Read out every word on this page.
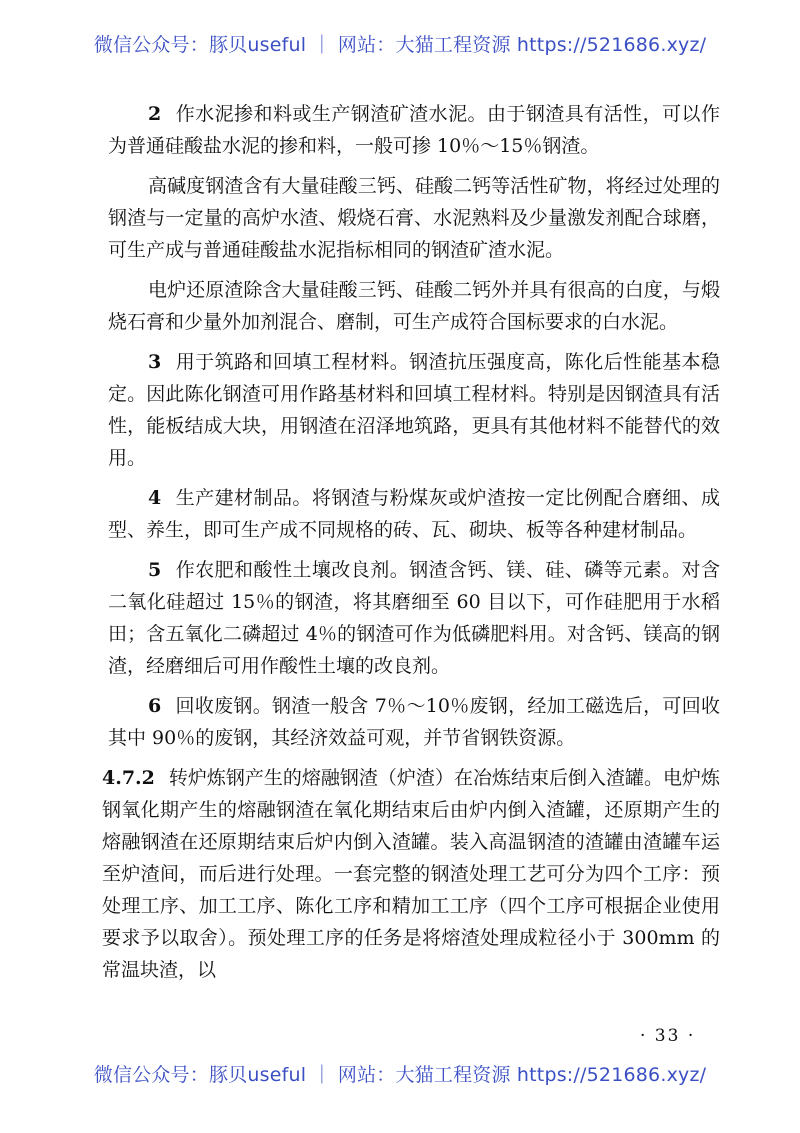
微信公众号：豚贝useful ｜ 网站：大猫工程资源 https://521686.xyz/

2 作水泥掺和料或生产钢渣矿渣水泥。由于钢渣具有活性，可以作为普通硅酸盐水泥的掺和料，一般可掺 10％～15％钢渣。

高碱度钢渣含有大量硅酸三钙、硅酸二钙等活性矿物，将经过处理的钢渣与一定量的高炉水渣、煅烧石膏、水泥熟料及少量激发剂配合球磨，可生产成与普通硅酸盐水泥指标相同的钢渣矿渣水泥。

电炉还原渣除含大量硅酸三钙、硅酸二钙外并具有很高的白度，与煅烧石膏和少量外加剂混合、磨制，可生产成符合国标要求的白水泥。

3 用于筑路和回填工程材料。钢渣抗压强度高，陈化后性能基本稳定。因此陈化钢渣可用作路基材料和回填工程材料。特别是因钢渣具有活性，能板结成大块，用钢渣在沼泽地筑路，更具有其他材料不能替代的效用。

4 生产建材制品。将钢渣与粉煤灰或炉渣按一定比例配合磨细、成型、养生，即可生产成不同规格的砖、瓦、砌块、板等各种建材制品。

5 作农肥和酸性土壤改良剂。钢渣含钙、镁、硅、磷等元素。对含二氧化硅超过 15％的钢渣，将其磨细至 60 目以下，可作硅肥用于水稻田；含五氧化二磷超过 4％的钢渣可作为低磷肥料用。对含钙、镁高的钢渣，经磨细后可用作酸性土壤的改良剂。

6 回收废钢。钢渣一般含 7％～10％废钢，经加工磁选后，可回收其中 90％的废钢，其经济效益可观，并节省钢铁资源。

4.7.2 转炉炼钢产生的熔融钢渣（炉渣）在冶炼结束后倒入渣罐。电炉炼钢氧化期产生的熔融钢渣在氧化期结束后由炉内倒入渣罐，还原期产生的熔融钢渣在还原期结束后炉内倒入渣罐。装入高温钢渣的渣罐由渣罐车运至炉渣间，而后进行处理。一套完整的钢渣处理工艺可分为四个工序：预处理工序、加工工序、陈化工序和精加工工序（四个工序可根据企业使用要求予以取舍）。预处理工序的任务是将熔渣处理成粒径小于 300mm 的常温块渣，以

· 33 ·
微信公众号：豚贝useful ｜ 网站：大猫工程资源 https://521686.xyz/
